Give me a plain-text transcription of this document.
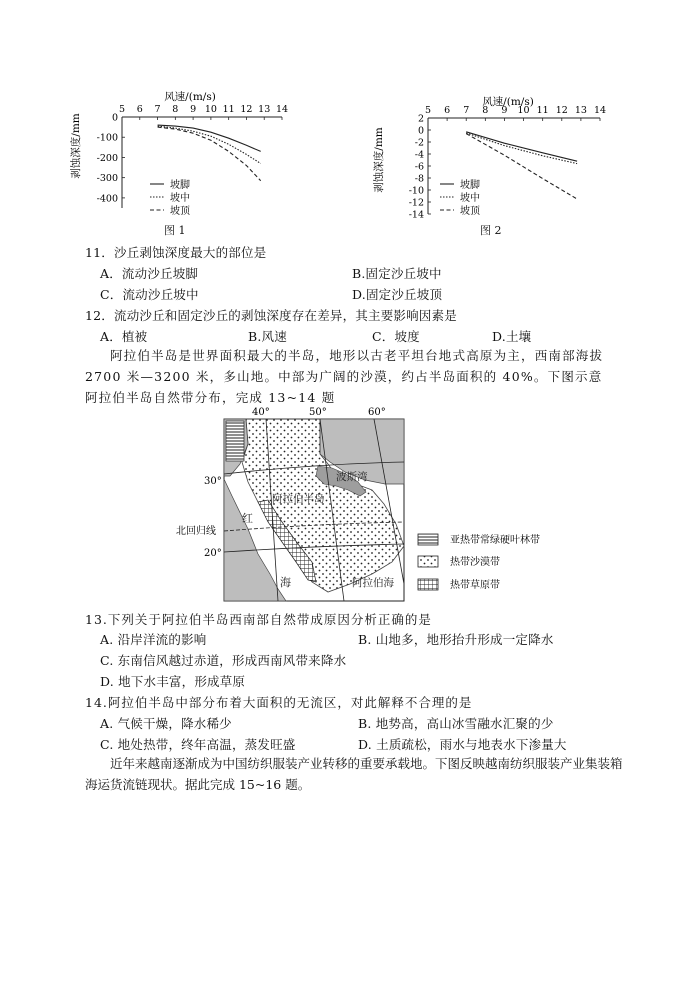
风速/(m/s)
剥蚀深度/mm
5 6 7 8 9 10 11 12 13 14
0
-100
-200
-300
-400
坡脚
坡中
坡顶
图 1
风速/(m/s)
剥蚀深度/mm
5 6 7 8 9 10 11 12 13 14
2
0
-2
-4
-6
-8
-10
-12
-14
坡脚
坡中
坡顶
图 2
11．沙丘剥蚀深度最大的部位是
A．流动沙丘坡脚	B.固定沙丘坡中
C．流动沙丘坡中	D.固定沙丘坡顶
12．流动沙丘和固定沙丘的剥蚀深度存在差异，其主要影响因素是
A．植被	B.风速	C．坡度	D.土壤
阿拉伯半岛是世界面积最大的半岛，地形以古老平坦台地式高原为主，西南部海拔 2700 米—3200 米，多山地。中部为广阔的沙漠，约占半岛面积的 40%。下图示意阿拉伯半岛自然带分布，完成 13~14 题
40°	50°	60°
30°
20°
北回归线
阿拉伯半岛
波斯湾
红
海	阿拉伯海
亚热带常绿硬叶林带
热带沙漠带
热带草原带
13.下列关于阿拉伯半岛西南部自然带成原因分析正确的是
A. 沿岸洋流的影响	B. 山地多，地形抬升形成一定降水
C. 东南信风越过赤道，形成西南风带来降水
D. 地下水丰富，形成草原
14.阿拉伯半岛中部分布着大面积的无流区，对此解释不合理的是
A. 气候干燥，降水稀少	B. 地势高，高山冰雪融水汇聚的少
C. 地处热带，终年高温，蒸发旺盛	D. 土质疏松，雨水与地表水下渗量大
近年来越南逐渐成为中国纺织服装产业转移的重要承载地。下图反映越南纺织服装产业集装箱海运货流链现状。据此完成 15~16 题。
